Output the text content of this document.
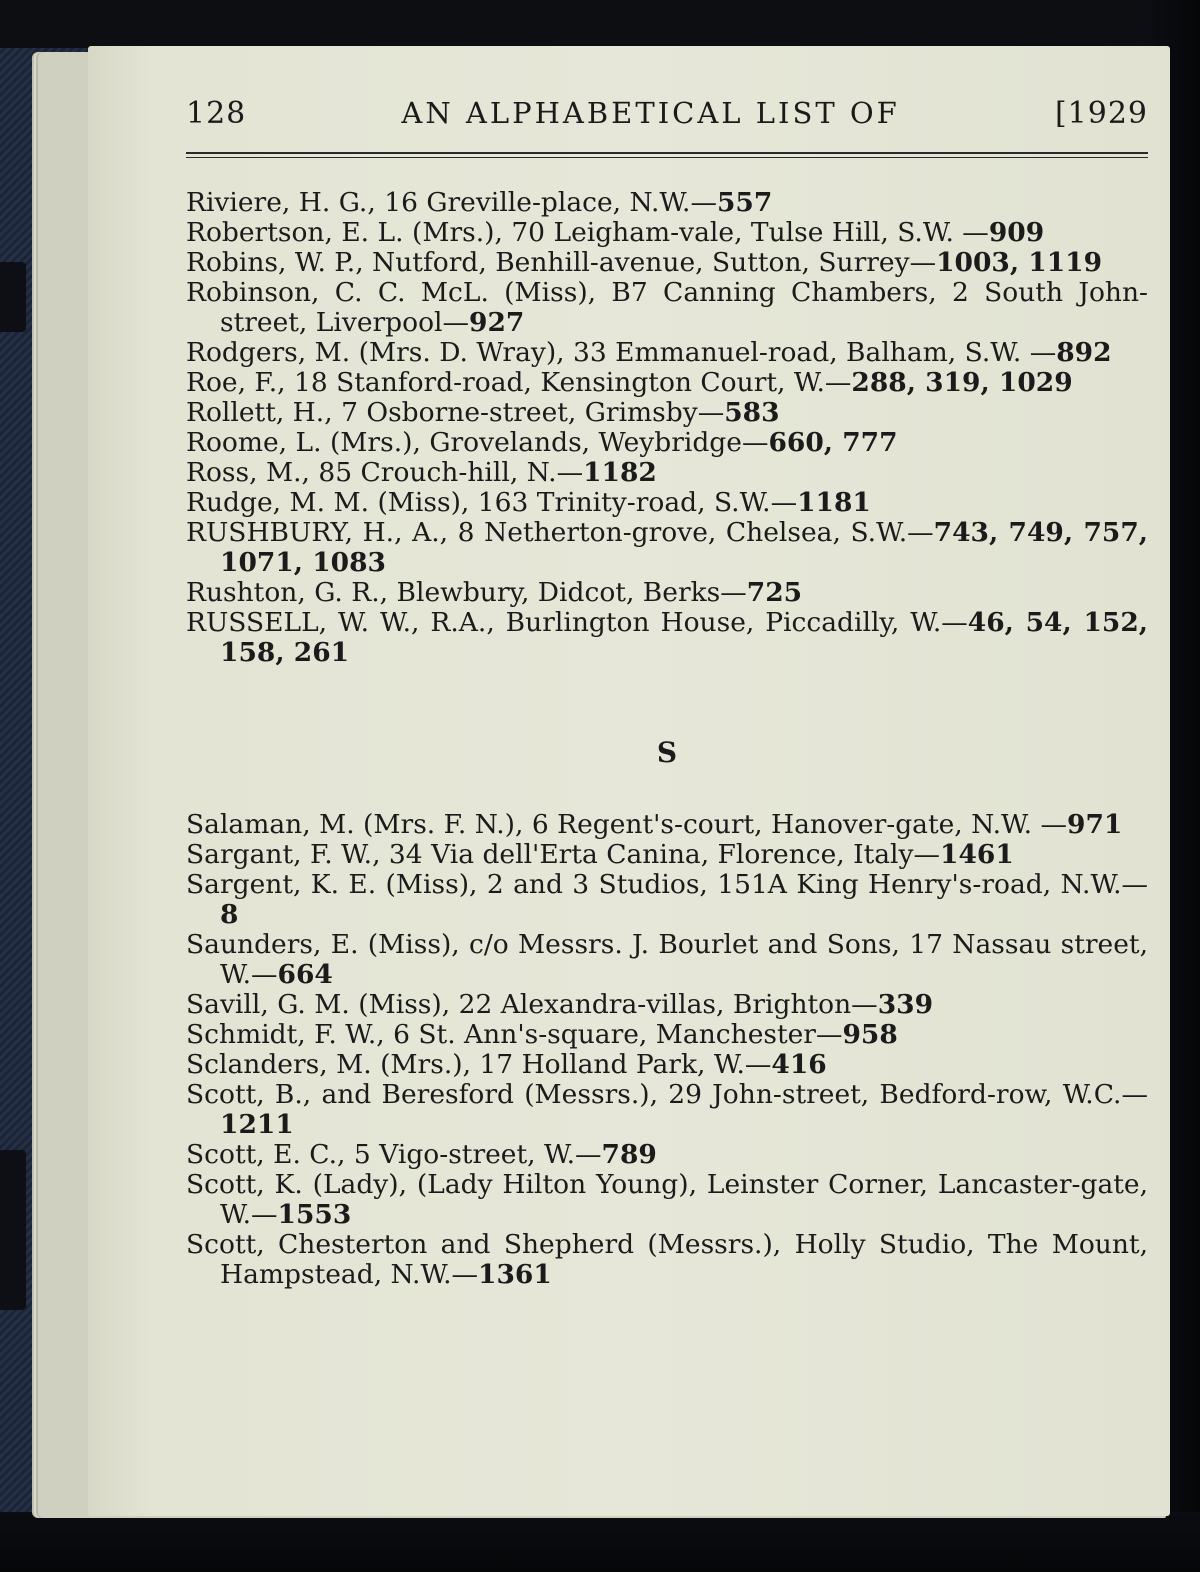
128	AN ALPHABETICAL LIST OF	[1929

Riviere, H. G., 16 Greville-place, N.W.—557

Robertson, E. L. (Mrs.), 70 Leigham-vale, Tulse Hill, S.W. —909

Robins, W. P., Nutford, Benhill-avenue, Sutton, Surrey—1003, 1119

Robinson, C. C. McL. (Miss), B7 Canning Chambers, 2 South John-street, Liverpool—927

Rodgers, M. (Mrs. D. Wray), 33 Emmanuel-road, Balham, S.W. —892

Roe, F., 18 Stanford-road, Kensington Court, W.—288, 319, 1029

Rollett, H., 7 Osborne-street, Grimsby—583

Roome, L. (Mrs.), Grovelands, Weybridge—660, 777

Ross, M., 85 Crouch-hill, N.—1182

Rudge, M. M. (Miss), 163 Trinity-road, S.W.—1181

RUSHBURY, H., A., 8 Netherton-grove, Chelsea, S.W.—743, 749, 757, 1071, 1083

Rushton, G. R., Blewbury, Didcot, Berks—725

RUSSELL, W. W., R.A., Burlington House, Piccadilly, W.—46, 54, 152, 158, 261

S

Salaman, M. (Mrs. F. N.), 6 Regent's-court, Hanover-gate, N.W. —971

Sargant, F. W., 34 Via dell'Erta Canina, Florence, Italy—1461

Sargent, K. E. (Miss), 2 and 3 Studios, 151A King Henry's-road, N.W.—8

Saunders, E. (Miss), c/o Messrs. J. Bourlet and Sons, 17 Nassau street, W.—664

Savill, G. M. (Miss), 22 Alexandra-villas, Brighton—339

Schmidt, F. W., 6 St. Ann's-square, Manchester—958

Sclanders, M. (Mrs.), 17 Holland Park, W.—416

Scott, B., and Beresford (Messrs.), 29 John-street, Bedford-row, W.C.—1211

Scott, E. C., 5 Vigo-street, W.—789

Scott, K. (Lady), (Lady Hilton Young), Leinster Corner, Lancaster-gate, W.—1553

Scott, Chesterton and Shepherd (Messrs.), Holly Studio, The Mount, Hampstead, N.W.—1361
